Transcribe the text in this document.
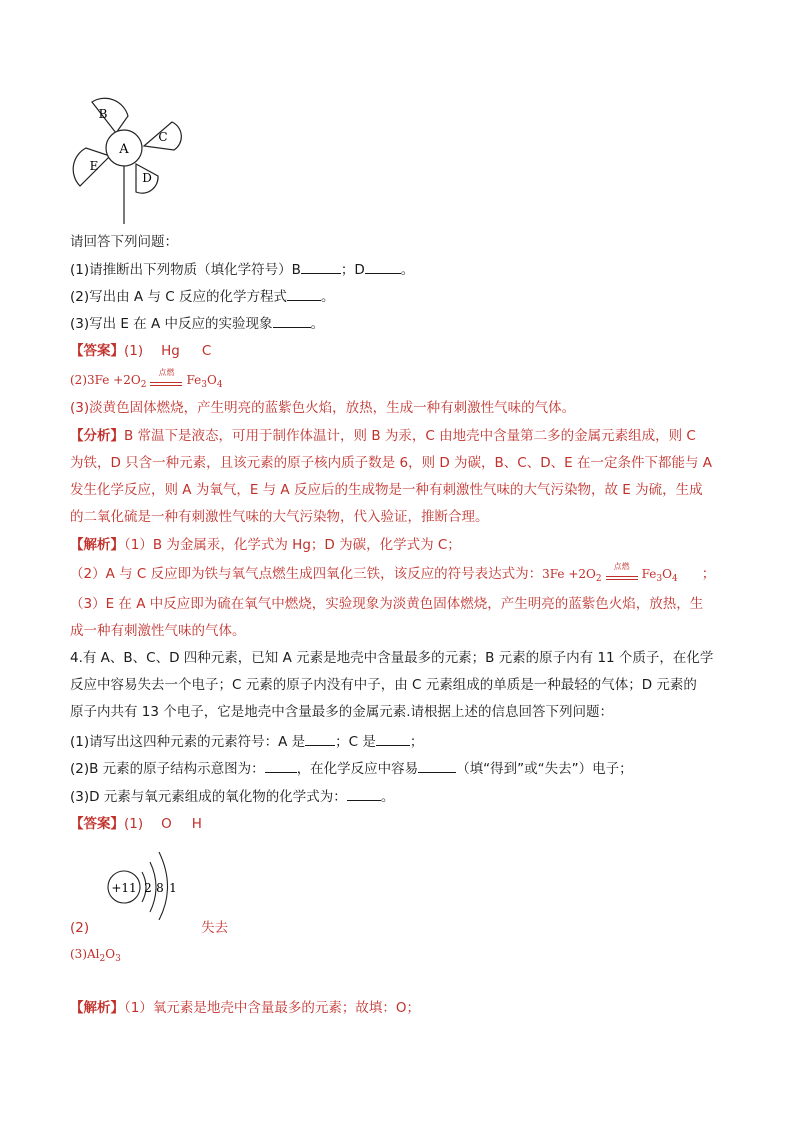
A
B
C
D
E
请回答下列问题：
(1)请推断出下列物质（填化学符号）B	；D	。
(2)写出由 A 与 C 反应的化学方程式	。
(3)写出 E 在 A 中反应的实验现象	。
【答案】(1) Hg C
$(2)3Fe +2O_2$
点燃
$Fe_3O_4$
(3)淡黄色固体燃烧，产生明亮的蓝紫色火焰，放热，生成一种有刺激性气味的气体。
【分析】B 常温下是液态，可用于制作体温计，则 B 为汞，C 由地壳中含量第二多的金属元素组成，则 C
为铁，D 只含一种元素，且该元素的原子核内质子数是 6，则 D 为碳，B、C、D、E 在一定条件下都能与 A
发生化学反应，则 A 为氧气，E 与 A 反应后的生成物是一种有刺激性气味的大气污染物，故 E 为硫，生成
的二氧化硫是一种有刺激性气味的大气污染物，代入验证，推断合理。
【解析】（1）B 为金属汞，化学式为 Hg；D 为碳，化学式为 C；
（2）A 与 C 反应即为铁与氧气点燃生成四氧化三铁，该反应的符号表达式为：$3Fe +2O_2$
点燃
$Fe_3O_4$ ；
（3）E 在 A 中反应即为硫在氧气中燃烧，实验现象为淡黄色固体燃烧，产生明亮的蓝紫色火焰，放热，生
成一种有刺激性气味的气体。
4.有 A、B、C、D 四种元素，已知 A 元素是地壳中含量最多的元素；B 元素的原子内有 11 个质子，在化学
反应中容易失去一个电子；C 元素的原子内没有中子，由 C 元素组成的单质是一种最轻的气体；D 元素的
原子内共有 13 个电子，它是地壳中含量最多的金属元素.请根据上述的信息回答下列问题：
(1)请写出这四种元素的元素符号：A 是 ；C 是	；
(2)B 元素的原子结构示意图为： ，在化学反应中容易	（填“得到”或“失去”）电子；
(3)D 元素与氧元素组成的氧化物的化学式为：	。
【答案】(1) O H
+11 2 8 1
(2)	失去
$(3)Al_2O_3$
【解析】（1）氧元素是地壳中含量最多的元素；故填：O；
